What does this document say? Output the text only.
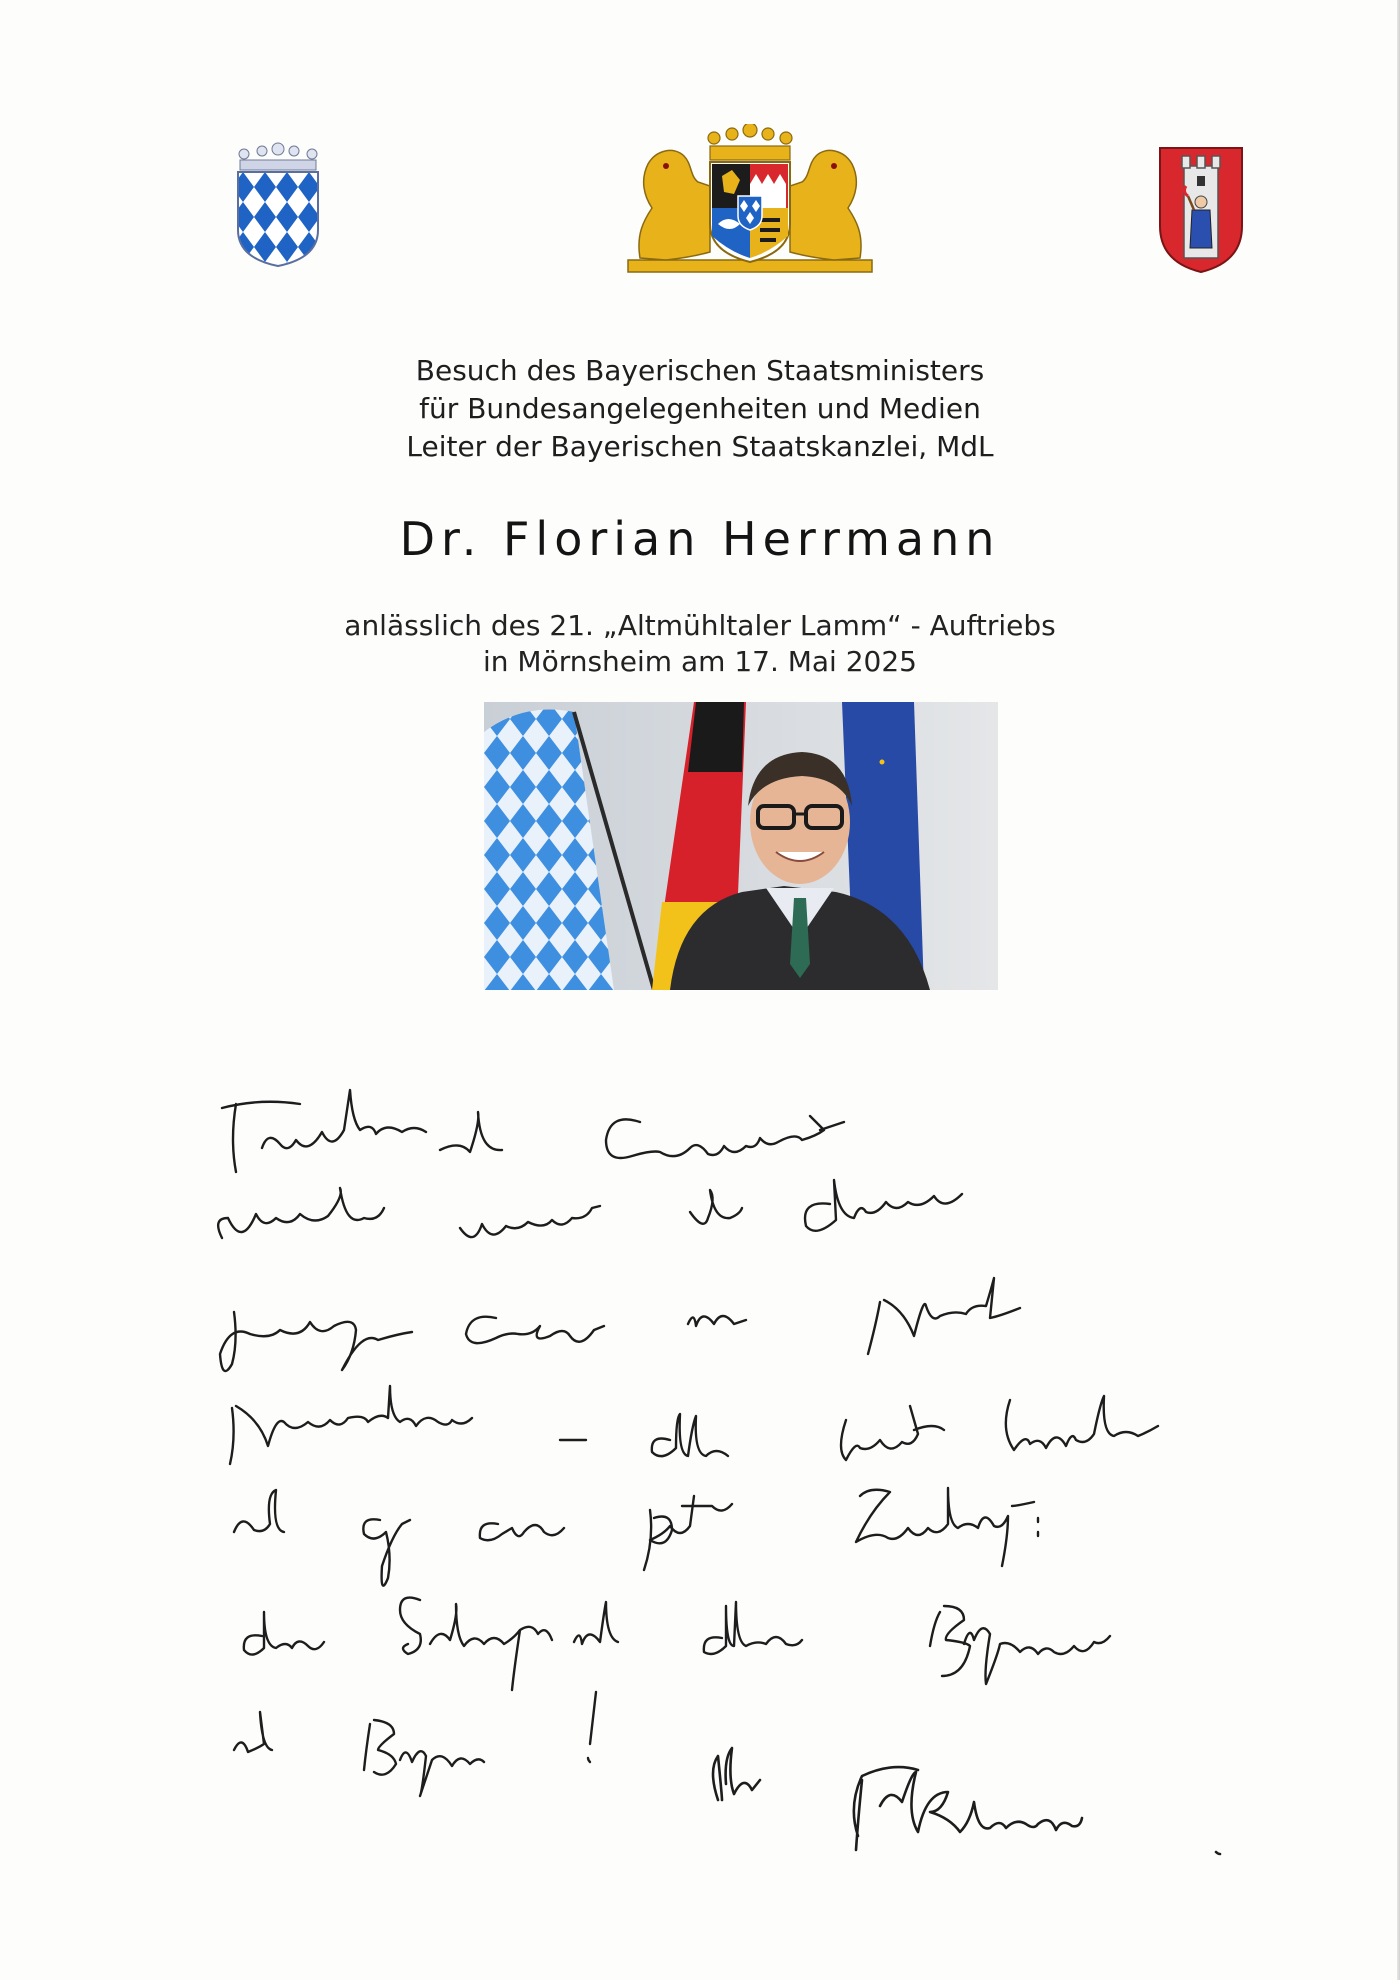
Besuch des Bayerischen Staatsministers
für Bundesangelegenheiten und Medien
Leiter der Bayerischen Staatskanzlei, MdL
Dr. Florian Herrmann
anlässlich des 21. „Altmühltaler Lamm“ - Auftriebs
in Mörnsheim am 17. Mai 2025
